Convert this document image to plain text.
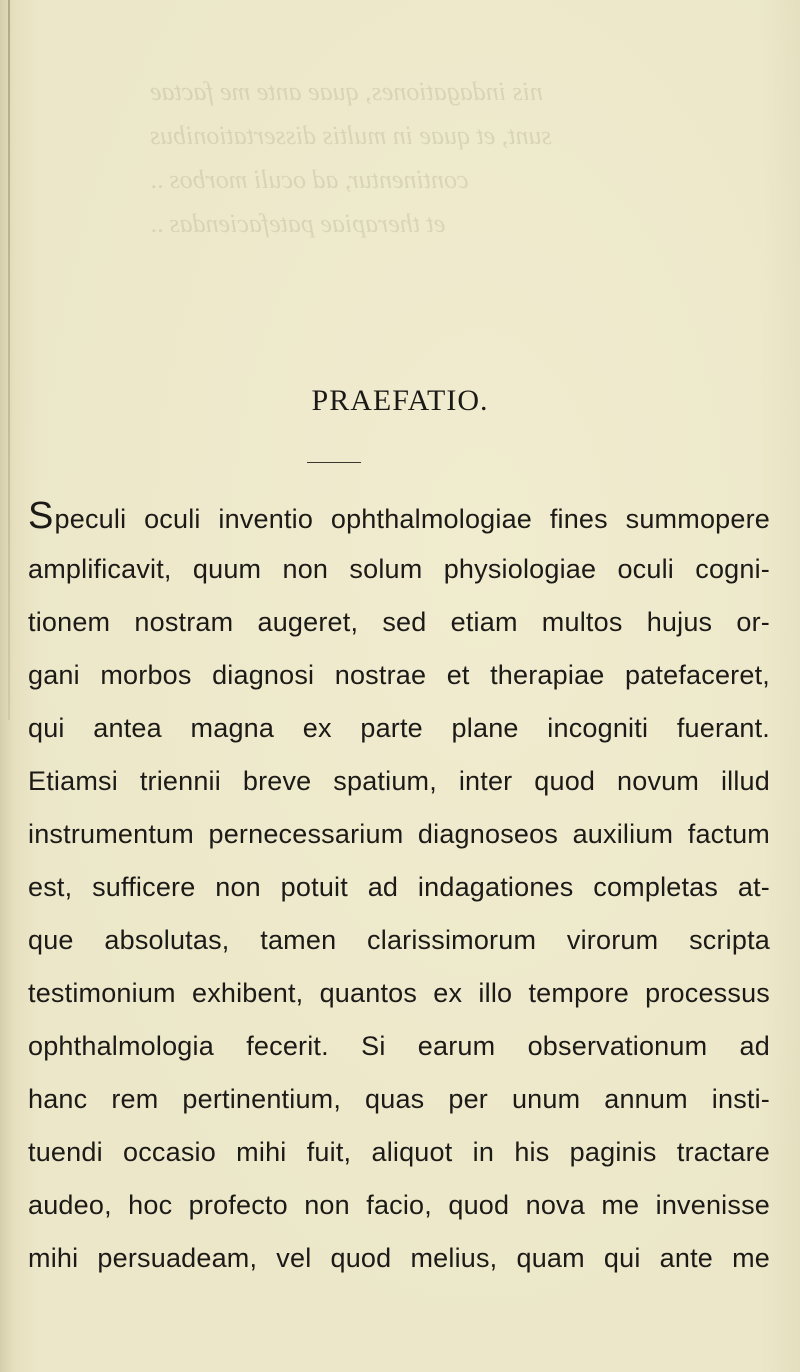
nis indagationes, quae ante me factae
sunt, et quae in multis dissertationibus
continentur, ad oculi morbos ..
et therapiae patefaciendas ..
PRAEFATIO.
S peculi oculi inventio ophthalmologiae fines summopere
amplificavit, quum non solum physiologiae oculi cogni-
tionem nostram augeret, sed etiam multos hujus or-
gani morbos diagnosi nostrae et therapiae patefaceret,
qui antea magna ex parte plane incogniti fuerant.
Etiamsi triennii breve spatium, inter quod novum illud
instrumentum pernecessarium diagnoseos auxilium factum
est, sufficere non potuit ad indagationes completas at-
que absolutas, tamen clarissimorum virorum scripta
testimonium exhibent, quantos ex illo tempore processus
ophthalmologia fecerit. Si earum observationum ad
hanc rem pertinentium, quas per unum annum insti-
tuendi occasio mihi fuit, aliquot in his paginis tractare
audeo, hoc profecto non facio, quod nova me invenisse
mihi persuadeam, vel quod melius, quam qui ante me
